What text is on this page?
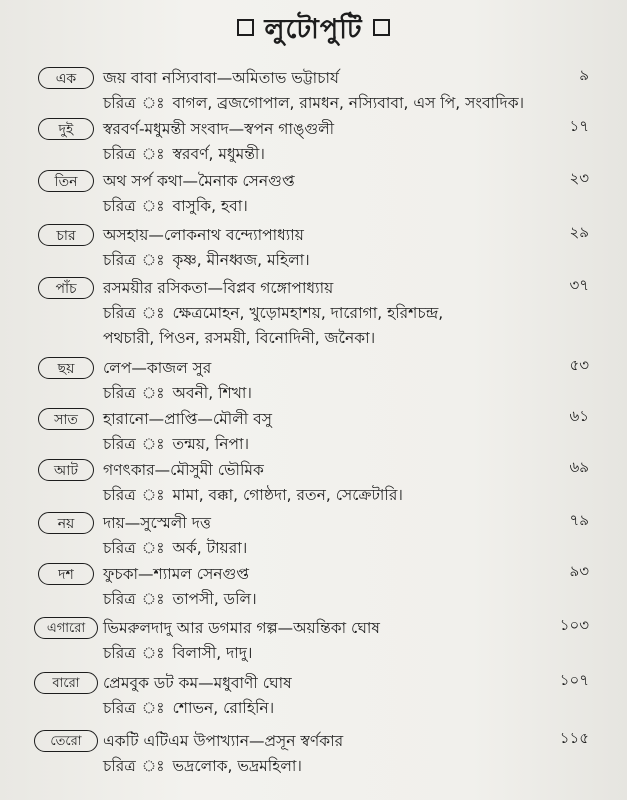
লুটোপুটি
এক	জয় বাবা নস্যিবাবা—অমিতাভ ভট্টাচার্য	৯
চরিত্র ঃ বাগল, ব্রজগোপাল, রামধন, নস্যিবাবা, এস পি, সংবাদিক।
দুই	স্বরবর্ণ-মধুমন্তী সংবাদ—স্বপন গাঙ্গুলী	১৭
চরিত্র ঃ স্বরবর্ণ, মধুমন্তী।
তিন	অথ সর্প কথা—মৈনাক সেনগুপ্ত	২৩
চরিত্র ঃ বাসুকি, হবা।
চার	অসহায়—লোকনাথ বন্দ্যোপাধ্যায়	২৯
চরিত্র ঃ কৃষ্ণ, মীনধ্বজ, মহিলা।
পাঁচ	রসময়ীর রসিকতা—বিপ্লব গঙ্গোপাধ্যায়	৩৭
চরিত্র ঃ ক্ষেত্রমোহন, খুড়োমহাশয়, দারোগা, হরিশচন্দ্র,
পথচারী, পিওন, রসময়ী, বিনোদিনী, জনৈকা।
ছয়	লেপ—কাজল সুর	৫৩
চরিত্র ঃ অবনী, শিখা।
সাত	হারানো—প্রাপ্তি—মৌলী বসু	৬১
চরিত্র ঃ তন্ময়, নিপা।
আট	গণৎকার—মৌসুমী ভৌমিক	৬৯
চরিত্র ঃ মামা, বক্কা, গোষ্ঠদা, রতন, সেক্রেটারি।
নয়	দায়—সুস্মেলী দত্ত	৭৯
চরিত্র ঃ অর্ক, টায়রা।
দশ	ফুচকা—শ্যামল সেনগুপ্ত	৯৩
চরিত্র ঃ তাপসী, ডলি।
এগারো	ভিমরুলদাদু আর ডগমার গল্প—অয়ন্তিকা ঘোষ	১০৩
চরিত্র ঃ বিলাসী, দাদু।
বারো	প্রেমবুক ডট কম—মধুবাণী ঘোষ	১০৭
চরিত্র ঃ শোভন, রোহিনি।
তেরো	একটি এটিএম উপাখ্যান—প্রসূন স্বর্ণকার	১১৫
চরিত্র ঃ ভদ্রলোক, ভদ্রমহিলা।
